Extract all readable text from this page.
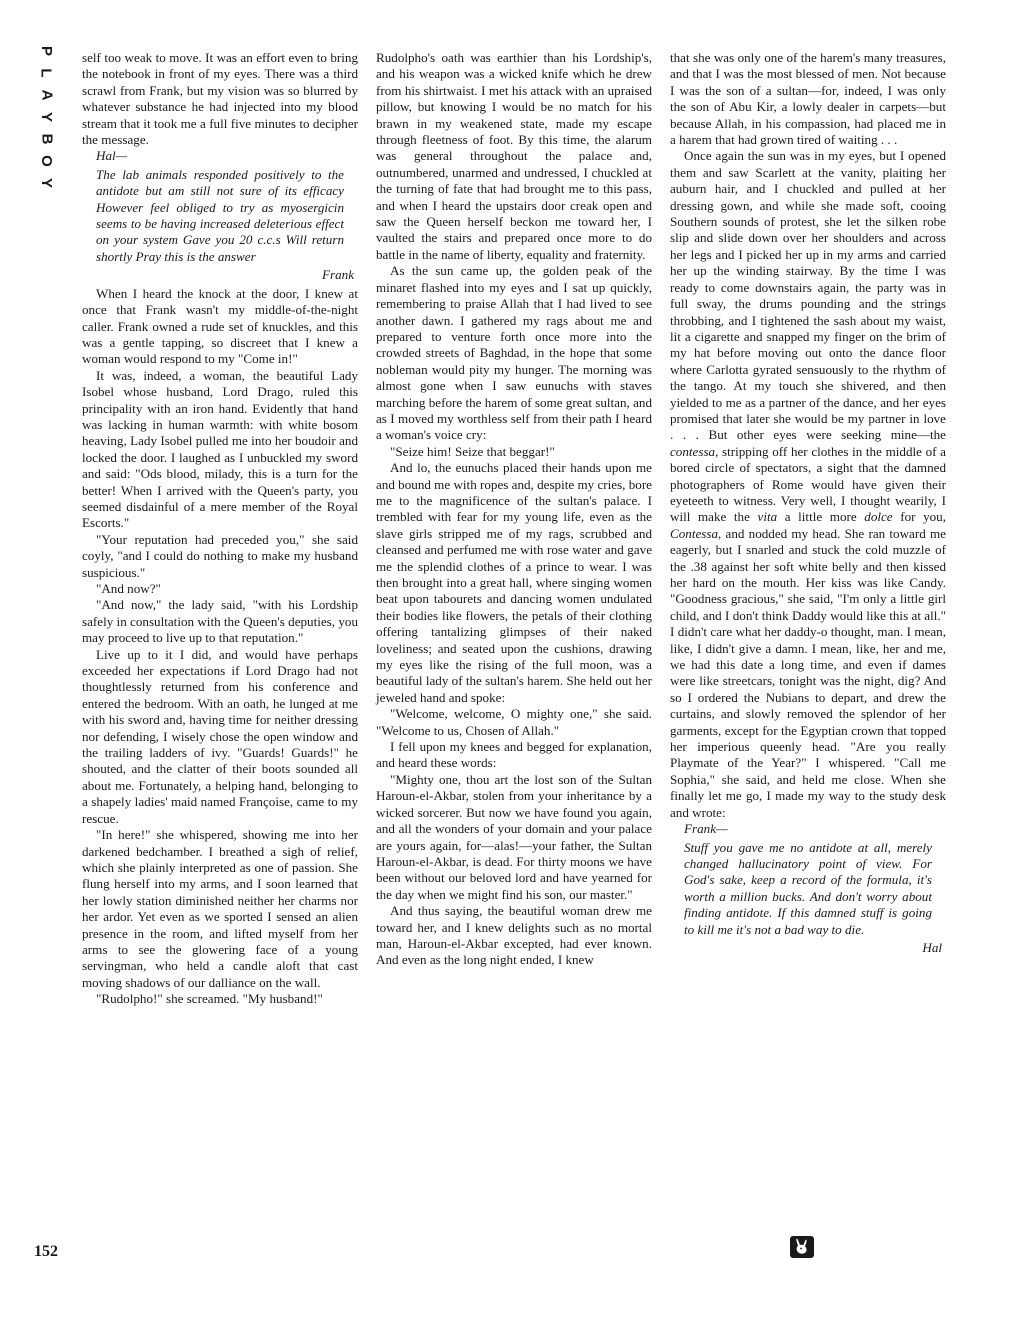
P
L
A
Y
B
O
Y

self too weak to move. It was an effort even to bring the notebook in front of my eyes. There was a third scrawl from Frank, but my vision was so blurred by whatever substance he had injected into my blood stream that it took me a full five minutes to decipher the message.

Hal—

The lab animals responded positively to the antidote but am still not sure of its efficacy However feel obliged to try as myosergicin seems to be having increased deleterious effect on your system Gave you 20 c.c.s Will return shortly Pray this is the answer

Frank

When I heard the knock at the door, I knew at once that Frank wasn't my middle-of-the-night caller. Frank owned a rude set of knuckles, and this was a gentle tapping, so discreet that I knew a woman would respond to my "Come in!"

It was, indeed, a woman, the beautiful Lady Isobel whose husband, Lord Drago, ruled this principality with an iron hand. Evidently that hand was lacking in human warmth: with white bosom heaving, Lady Isobel pulled me into her boudoir and locked the door. I laughed as I unbuckled my sword and said: "Ods blood, milady, this is a turn for the better! When I arrived with the Queen's party, you seemed disdainful of a mere member of the Royal Escorts."

"Your reputation had preceded you," she said coyly, "and I could do nothing to make my husband suspicious."

"And now?"

"And now," the lady said, "with his Lordship safely in consultation with the Queen's deputies, you may proceed to live up to that reputation."

Live up to it I did, and would have perhaps exceeded her expectations if Lord Drago had not thoughtlessly returned from his conference and entered the bedroom. With an oath, he lunged at me with his sword and, having time for neither dressing nor defending, I wisely chose the open window and the trailing ladders of ivy. "Guards! Guards!" he shouted, and the clatter of their boots sounded all about me. Fortunately, a helping hand, belonging to a shapely ladies' maid named Françoise, came to my rescue.

"In here!" she whispered, showing me into her darkened bedchamber. I breathed a sigh of relief, which she plainly interpreted as one of passion. She flung herself into my arms, and I soon learned that her lowly station diminished neither her charms nor her ardor. Yet even as we sported I sensed an alien presence in the room, and lifted myself from her arms to see the glowering face of a young servingman, who held a candle aloft that cast moving shadows of our dalliance on the wall.

"Rudolpho!" she screamed. "My husband!"

Rudolpho's oath was earthier than his Lordship's, and his weapon was a wicked knife which he drew from his shirtwaist. I met his attack with an upraised pillow, but knowing I would be no match for his brawn in my weakened state, made my escape through fleetness of foot. By this time, the alarum was general throughout the palace and, outnumbered, unarmed and undressed, I chuckled at the turning of fate that had brought me to this pass, and when I heard the upstairs door creak open and saw the Queen herself beckon me toward her, I vaulted the stairs and prepared once more to do battle in the name of liberty, equality and fraternity.

As the sun came up, the golden peak of the minaret flashed into my eyes and I sat up quickly, remembering to praise Allah that I had lived to see another dawn. I gathered my rags about me and prepared to venture forth once more into the crowded streets of Baghdad, in the hope that some nobleman would pity my hunger. The morning was almost gone when I saw eunuchs with staves marching before the harem of some great sultan, and as I moved my worthless self from their path I heard a woman's voice cry:

"Seize him! Seize that beggar!"

And lo, the eunuchs placed their hands upon me and bound me with ropes and, despite my cries, bore me to the magnificence of the sultan's palace. I trembled with fear for my young life, even as the slave girls stripped me of my rags, scrubbed and cleansed and perfumed me with rose water and gave me the splendid clothes of a prince to wear. I was then brought into a great hall, where singing women beat upon tabourets and dancing women undulated their bodies like flowers, the petals of their clothing offering tantalizing glimpses of their naked loveliness; and seated upon the cushions, drawing my eyes like the rising of the full moon, was a beautiful lady of the sultan's harem. She held out her jeweled hand and spoke:

"Welcome, welcome, O mighty one," she said. "Welcome to us, Chosen of Allah."

I fell upon my knees and begged for explanation, and heard these words:

"Mighty one, thou art the lost son of the Sultan Haroun-el-Akbar, stolen from your inheritance by a wicked sorcerer. But now we have found you again, and all the wonders of your domain and your palace are yours again, for—alas!—your father, the Sultan Haroun-el-Akbar, is dead. For thirty moons we have been without our beloved lord and have yearned for the day when we might find his son, our master."

And thus saying, the beautiful woman drew me toward her, and I knew delights such as no mortal man, Haroun-el-Akbar excepted, had ever known. And even as the long night ended, I knew

that she was only one of the harem's many treasures, and that I was the most blessed of men. Not because I was the son of a sultan—for, indeed, I was only the son of Abu Kir, a lowly dealer in carpets—but because Allah, in his compassion, had placed me in a harem that had grown tired of waiting . . .

Once again the sun was in my eyes, but I opened them and saw Scarlett at the vanity, plaiting her auburn hair, and I chuckled and pulled at her dressing gown, and while she made soft, cooing Southern sounds of protest, she let the silken robe slip and slide down over her shoulders and across her legs and I picked her up in my arms and carried her up the winding stairway. By the time I was ready to come downstairs again, the party was in full sway, the drums pounding and the strings throbbing, and I tightened the sash about my waist, lit a cigarette and snapped my finger on the brim of my hat before moving out onto the dance floor where Carlotta gyrated sensuously to the rhythm of the tango. At my touch she shivered, and then yielded to me as a partner of the dance, and her eyes promised that later she would be my partner in love . . . But other eyes were seeking mine—the contessa, stripping off her clothes in the middle of a bored circle of spectators, a sight that the damned photographers of Rome would have given their eyeteeth to witness. Very well, I thought wearily, I will make the vita a little more dolce for you, Contessa, and nodded my head. She ran toward me eagerly, but I snarled and stuck the cold muzzle of the .38 against her soft white belly and then kissed her hard on the mouth. Her kiss was like Candy. "Goodness gracious," she said, "I'm only a little girl child, and I don't think Daddy would like this at all." I didn't care what her daddy-o thought, man. I mean, like, I didn't give a damn. I mean, like, her and me, we had this date a long time, and even if dames were like streetcars, tonight was the night, dig? And so I ordered the Nubians to depart, and drew the curtains, and slowly removed the splendor of her garments, except for the Egyptian crown that topped her imperious queenly head. "Are you really Playmate of the Year?" I whispered. "Call me Sophia," she said, and held me close. When she finally let me go, I made my way to the study desk and wrote:

Frank—

Stuff you gave me no antidote at all, merely changed hallucinatory point of view. For God's sake, keep a record of the formula, it's worth a million bucks. And don't worry about finding antidote. If this damned stuff is going to kill me it's not a bad way to die.

Hal

152
